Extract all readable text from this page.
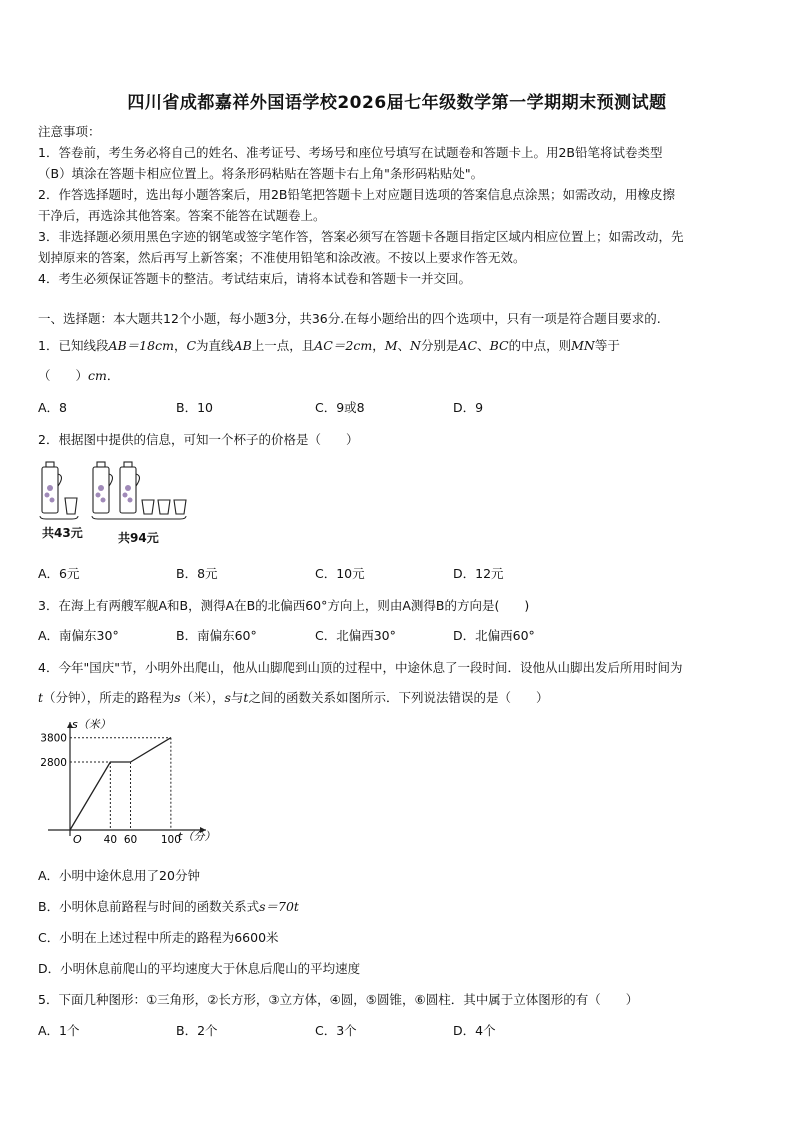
四川省成都嘉祥外国语学校2026届七年级数学第一学期期末预测试题
注意事项：
1．答卷前，考生务必将自己的姓名、准考证号、考场号和座位号填写在试题卷和答题卡上。用2B铅笔将试卷类型
（B）填涂在答题卡相应位置上。将条形码粘贴在答题卡右上角"条形码粘贴处"。
2．作答选择题时，选出每小题答案后，用2B铅笔把答题卡上对应题目选项的答案信息点涂黑；如需改动，用橡皮擦
干净后，再选涂其他答案。答案不能答在试题卷上。
3．非选择题必须用黑色字迹的钢笔或签字笔作答，答案必须写在答题卡各题目指定区域内相应位置上；如需改动，先
划掉原来的答案，然后再写上新答案；不准使用铅笔和涂改液。不按以上要求作答无效。
4．考生必须保证答题卡的整洁。考试结束后，请将本试卷和答题卡一并交回。
一、选择题：本大题共12个小题，每小题3分，共36分.在每小题给出的四个选项中，只有一项是符合题目要求的.
1．已知线段AB＝18cm，C为直线AB上一点，且AC＝2cm，M、N分别是AC、BC的中点，则MN等于
（　　）cm．
A．8	B．10	C．9或8	D．9
2．根据图中提供的信息，可知一个杯子的价格是（　　）
共43元	共94元
A．6元	B．8元	C．10元	D．12元
3．在海上有两艘军舰A和B，测得A在B的北偏西60°方向上，则由A测得B的方向是(　　)
A．南偏东30°	B．南偏东60°	C．北偏西30°	D．北偏西60°
4．今年"国庆"节，小明外出爬山，他从山脚爬到山顶的过程中，中途休息了一段时间．设他从山脚出发后所用时间为
t（分钟），所走的路程为s（米），s与t之间的函数关系如图所示．下列说法错误的是（　　）
s（米）
t（分）
O 40 60 100
2800
3800
A．小明中途休息用了20分钟
B．小明休息前路程与时间的函数关系式s＝70t
C．小明在上述过程中所走的路程为6600米
D．小明休息前爬山的平均速度大于休息后爬山的平均速度
5．下面几种图形：①三角形，②长方形，③立方体，④圆，⑤圆锥，⑥圆柱．其中属于立体图形的有（　　）
A．1个	B．2个	C．3个	D．4个
